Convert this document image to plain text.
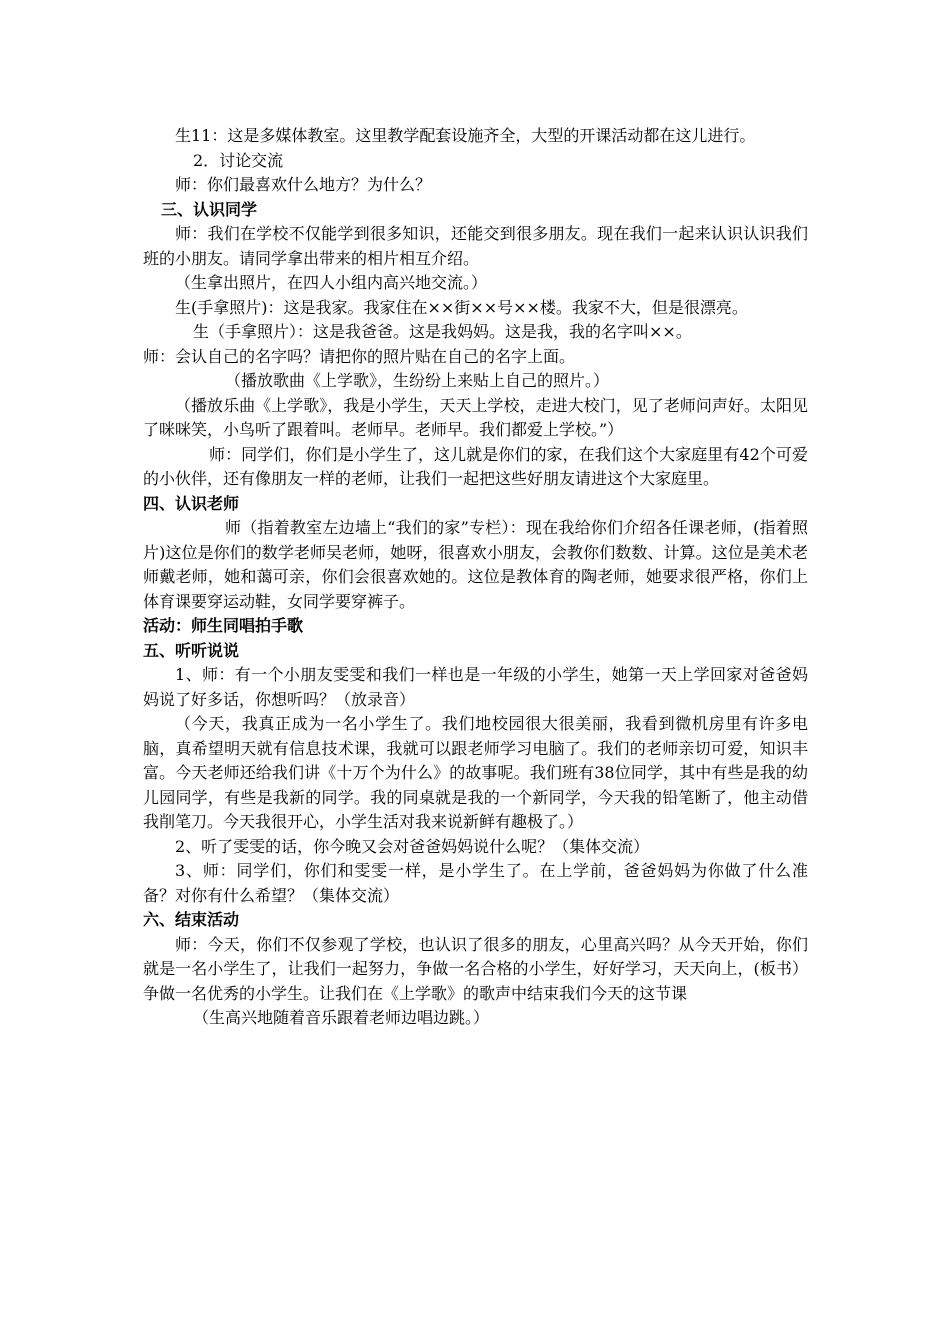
生11：这是多媒体教室。这里教学配套设施齐全，大型的开课活动都在这儿进行。

2．讨论交流

师：你们最喜欢什么地方？为什么？

三、认识同学

师：我们在学校不仅能学到很多知识，还能交到很多朋友。现在我们一起来认识认识我们班的小朋友。请同学拿出带来的相片相互介绍。

（生拿出照片，在四人小组内高兴地交流。）

生(手拿照片)：这是我家。我家住在××街××号××楼。我家不大，但是很漂亮。

生（手拿照片）：这是我爸爸。这是我妈妈。这是我，我的名字叫××。

师：会认自己的名字吗？请把你的照片贴在自己的名字上面。

（播放歌曲《上学歌》，生纷纷上来贴上自己的照片。）

（播放乐曲《上学歌》，我是小学生，天天上学校，走进大校门，见了老师问声好。太阳见了咪咪笑，小鸟听了跟着叫。老师早。老师早。我们都爱上学校。”）

师：同学们，你们是小学生了，这儿就是你们的家，在我们这个大家庭里有42个可爱的小伙伴，还有像朋友一样的老师，让我们一起把这些好朋友请进这个大家庭里。

四、认识老师

师（指着教室左边墙上“我们的家”专栏）：现在我给你们介绍各任课老师，(指着照片)这位是你们的数学老师吴老师，她呀，很喜欢小朋友，会教你们数数、计算。这位是美术老师戴老师，她和蔼可亲，你们会很喜欢她的。这位是教体育的陶老师，她要求很严格，你们上体育课要穿运动鞋，女同学要穿裤子。

活动：师生同唱拍手歌

五、听听说说

1、师：有一个小朋友雯雯和我们一样也是一年级的小学生，她第一天上学回家对爸爸妈妈说了好多话，你想听吗？（放录音）

（今天，我真正成为一名小学生了。我们地校园很大很美丽，我看到微机房里有许多电脑，真希望明天就有信息技术课，我就可以跟老师学习电脑了。我们的老师亲切可爱，知识丰富。今天老师还给我们讲《十万个为什么》的故事呢。我们班有38位同学，其中有些是我的幼儿园同学，有些是我新的同学。我的同桌就是我的一个新同学，今天我的铅笔断了，他主动借我削笔刀。今天我很开心，小学生活对我来说新鲜有趣极了。）

2、听了雯雯的话，你今晚又会对爸爸妈妈说什么呢？（集体交流）

3、师：同学们，你们和雯雯一样，是小学生了。在上学前，爸爸妈妈为你做了什么准备？对你有什么希望？（集体交流）

六、结束活动

师：今天，你们不仅参观了学校，也认识了很多的朋友，心里高兴吗？从今天开始，你们就是一名小学生了，让我们一起努力，争做一名合格的小学生，好好学习，天天向上，(板书）争做一名优秀的小学生。让我们在《上学歌》的歌声中结束我们今天的这节课

（生高兴地随着音乐跟着老师边唱边跳。）
